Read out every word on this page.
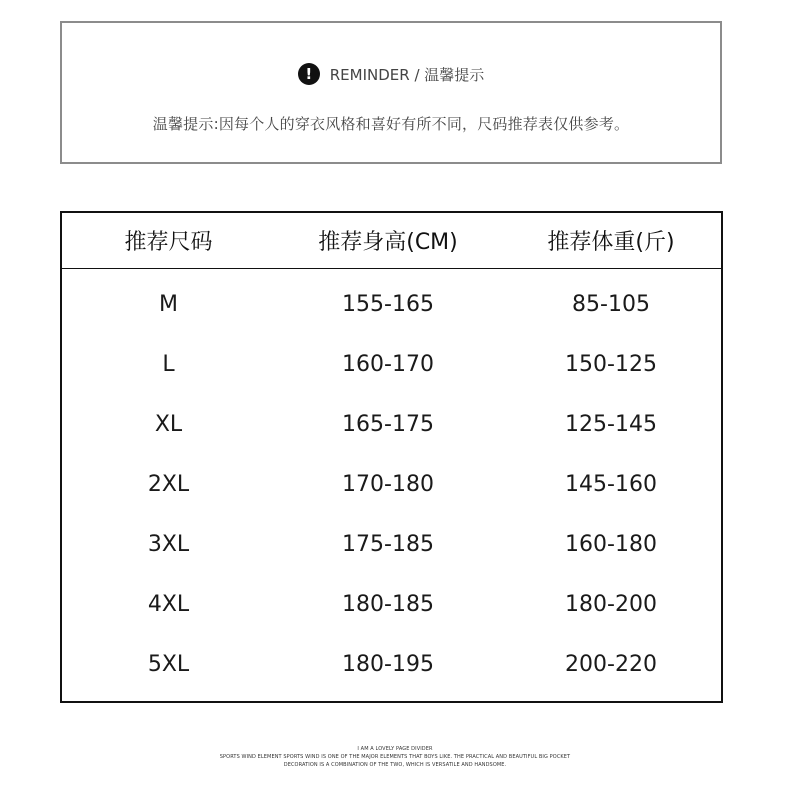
!	REMINDER / 温馨提示
温馨提示:因每个人的穿衣风格和喜好有所不同，尺码推荐表仅供参考。
推荐尺码	推荐身高(CM)	推荐体重(斤)
M	155-165	85-105
L	160-170	150-125
XL	165-175	125-145
2XL	170-180	145-160
3XL	175-185	160-180
4XL	180-185	180-200
5XL	180-195	200-220
I AM A LOVELY PAGE DIVIDER
SPORTS WIND ELEMENT SPORTS WIND IS ONE OF THE MAJOR ELEMENTS THAT BOYS LIKE. THE PRACTICAL AND BEAUTIFUL BIG POCKET
DECORATION IS A COMBINATION OF THE TWO, WHICH IS VERSATILE AND HANDSOME.
